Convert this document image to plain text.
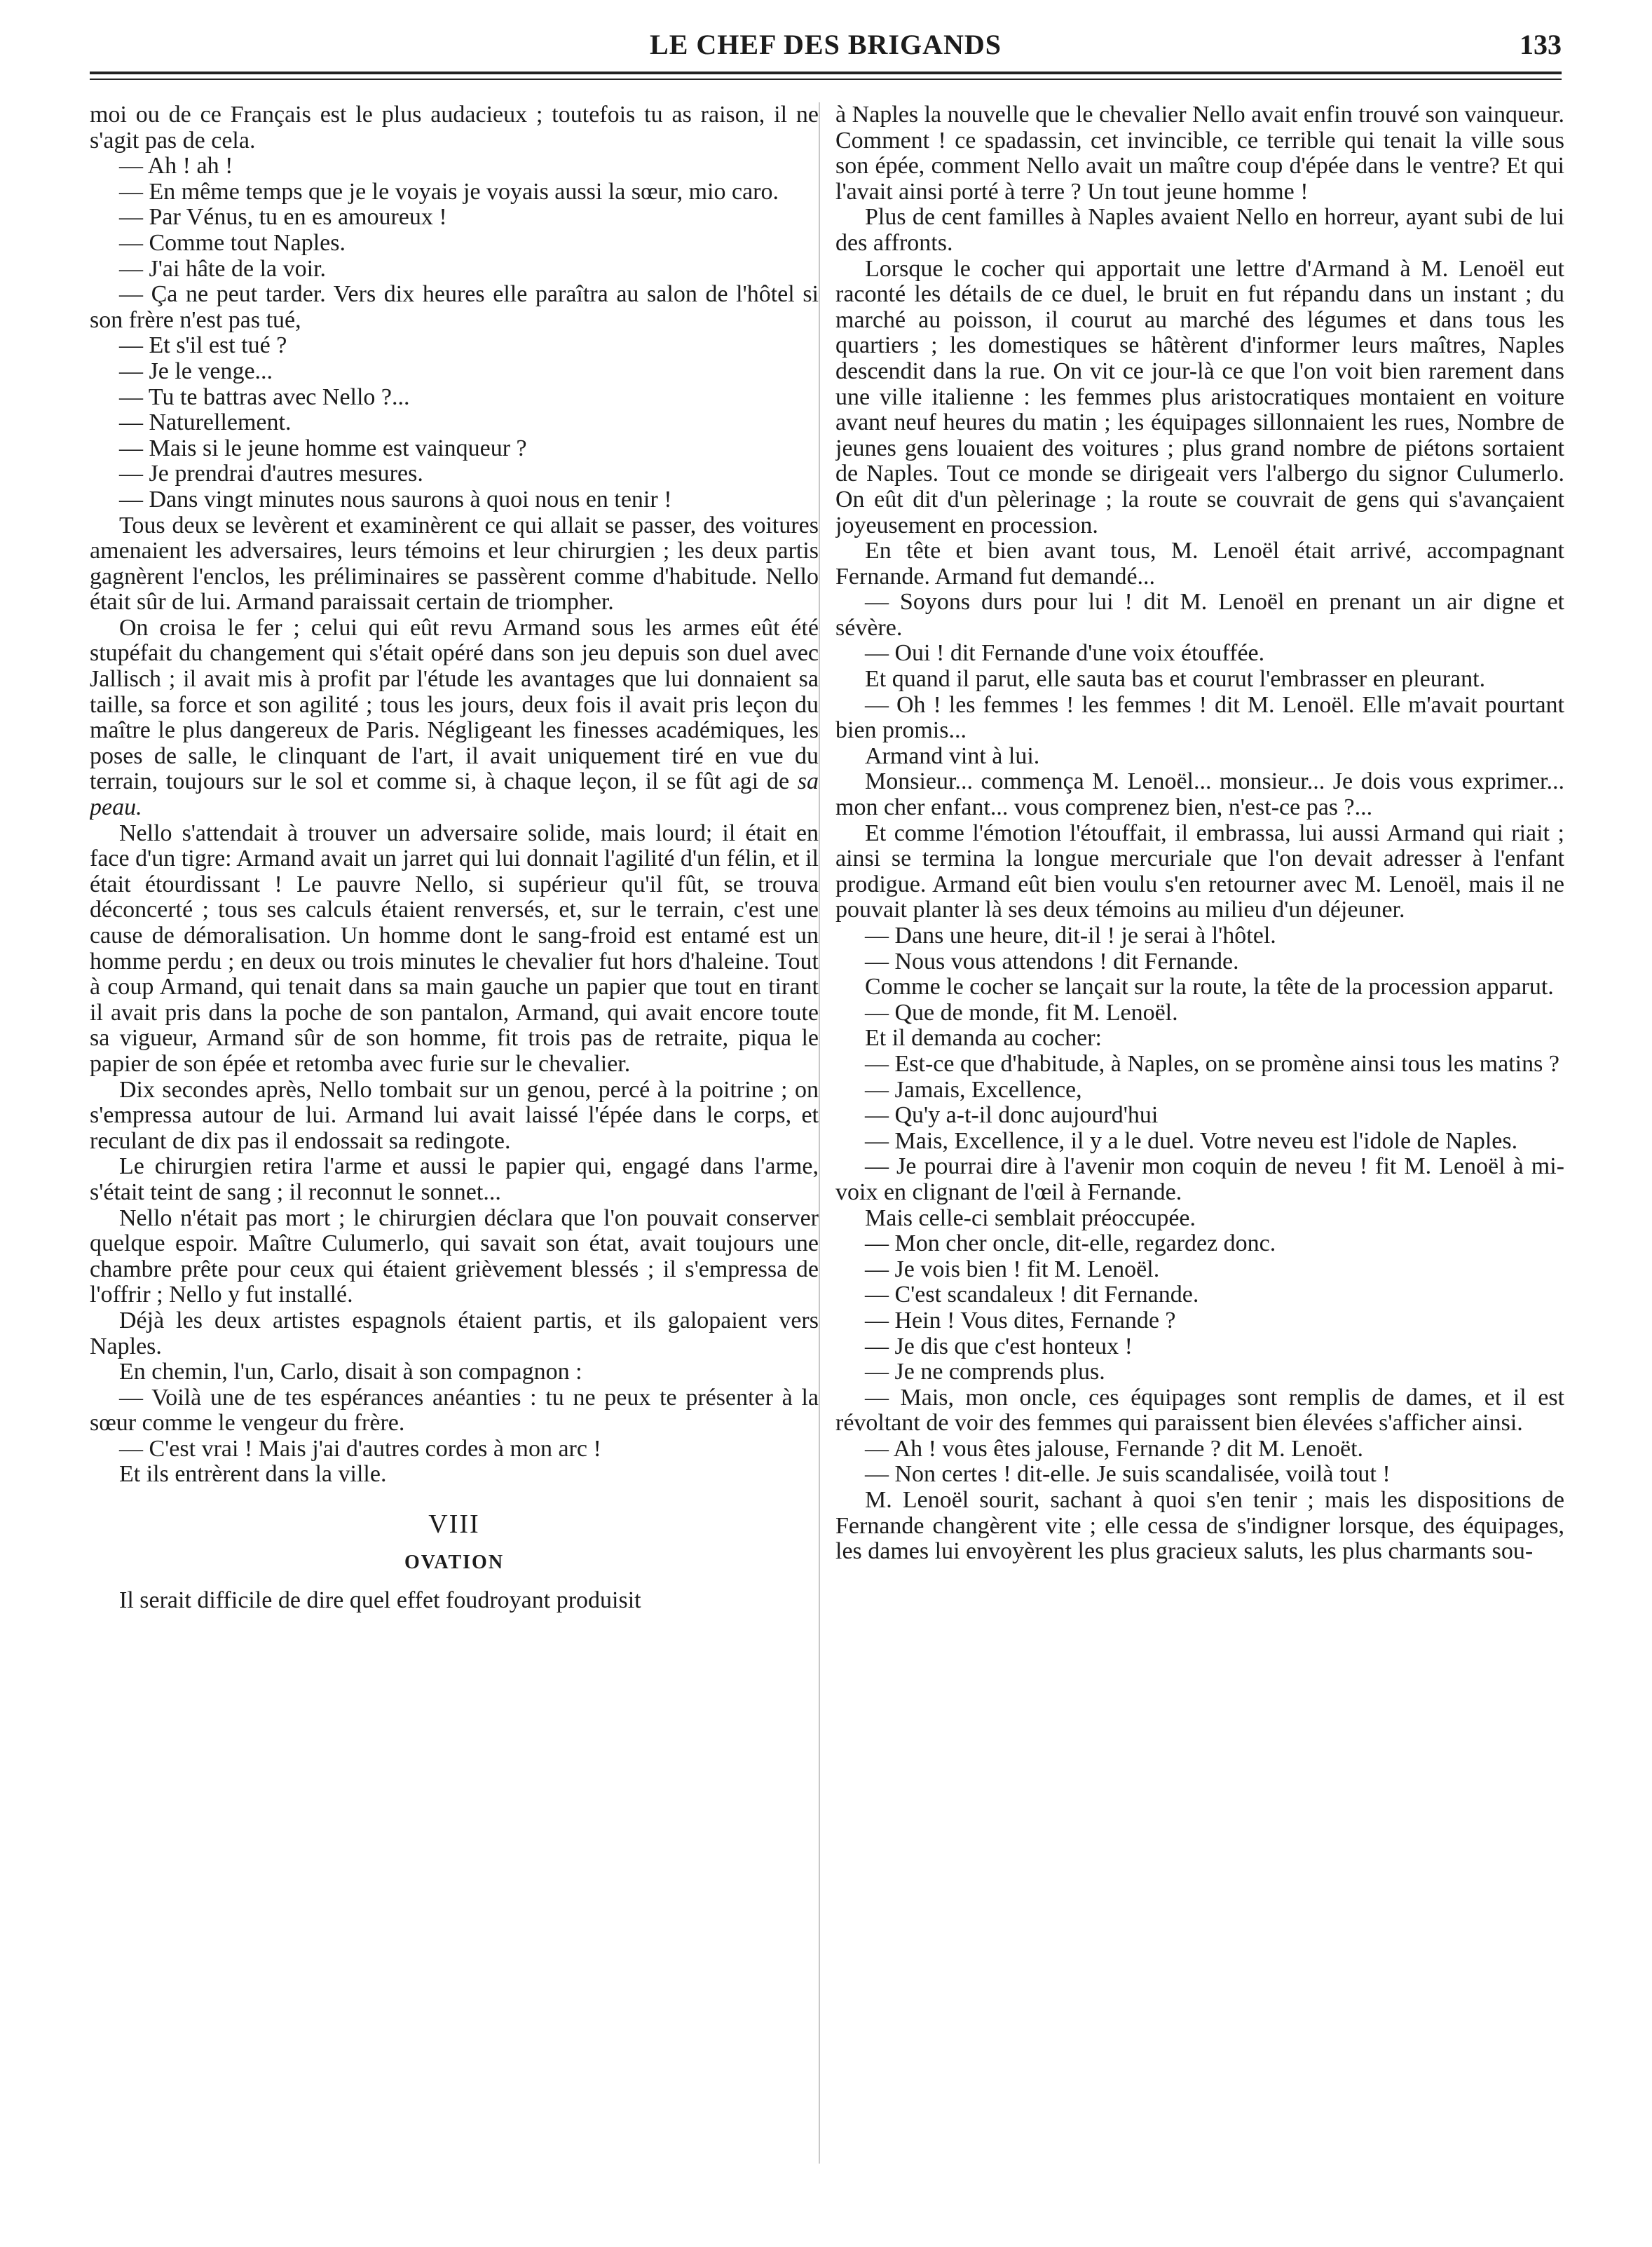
LE CHEF DES BRIGANDS	133

moi ou de ce Français est le plus audacieux ; toutefois tu as raison, il ne s'agit pas de cela.

— Ah ! ah !

— En même temps que je le voyais je voyais aussi la sœur, mio caro.

— Par Vénus, tu en es amoureux !

— Comme tout Naples.

— J'ai hâte de la voir.

— Ça ne peut tarder. Vers dix heures elle paraîtra au salon de l'hôtel si son frère n'est pas tué,

— Et s'il est tué ?

— Je le venge...

— Tu te battras avec Nello ?...

— Naturellement.

— Mais si le jeune homme est vainqueur ?

— Je prendrai d'autres mesures.

— Dans vingt minutes nous saurons à quoi nous en tenir !

Tous deux se levèrent et examinèrent ce qui allait se passer, des voitures amenaient les adversaires, leurs témoins et leur chirurgien ; les deux partis gagnèrent l'enclos, les préliminaires se passèrent comme d'habitude. Nello était sûr de lui. Armand paraissait certain de triompher.

On croisa le fer ; celui qui eût revu Armand sous les armes eût été stupéfait du changement qui s'était opéré dans son jeu depuis son duel avec Jallisch ; il avait mis à profit par l'étude les avantages que lui donnaient sa taille, sa force et son agilité ; tous les jours, deux fois il avait pris leçon du maître le plus dangereux de Paris. Négligeant les finesses académiques, les poses de salle, le clinquant de l'art, il avait uniquement tiré en vue du terrain, toujours sur le sol et comme si, à chaque leçon, il se fût agi de sa peau.

Nello s'attendait à trouver un adversaire solide, mais lourd; il était en face d'un tigre: Armand avait un jarret qui lui donnait l'agilité d'un félin, et il était étourdissant ! Le pauvre Nello, si supérieur qu'il fût, se trouva déconcerté ; tous ses calculs étaient renversés, et, sur le terrain, c'est une cause de démoralisation. Un homme dont le sang-froid est entamé est un homme perdu ; en deux ou trois minutes le chevalier fut hors d'haleine. Tout à coup Armand, qui tenait dans sa main gauche un papier que tout en tirant il avait pris dans la poche de son pantalon, Armand, qui avait encore toute sa vigueur, Armand sûr de son homme, fit trois pas de retraite, piqua le papier de son épée et retomba avec furie sur le chevalier.

Dix secondes après, Nello tombait sur un genou, percé à la poitrine ; on s'empressa autour de lui. Armand lui avait laissé l'épée dans le corps, et reculant de dix pas il endossait sa redingote.

Le chirurgien retira l'arme et aussi le papier qui, engagé dans l'arme, s'était teint de sang ; il reconnut le sonnet...

Nello n'était pas mort ; le chirurgien déclara que l'on pouvait conserver quelque espoir. Maître Culumerlo, qui savait son état, avait toujours une chambre prête pour ceux qui étaient grièvement blessés ; il s'empressa de l'offrir ; Nello y fut installé.

Déjà les deux artistes espagnols étaient partis, et ils galopaient vers Naples.

En chemin, l'un, Carlo, disait à son compagnon :

— Voilà une de tes espérances anéanties : tu ne peux te présenter à la sœur comme le vengeur du frère.

— C'est vrai ! Mais j'ai d'autres cordes à mon arc !

Et ils entrèrent dans la ville.

VIII

OVATION

Il serait difficile de dire quel effet foudroyant produisit

à Naples la nouvelle que le chevalier Nello avait enfin trouvé son vainqueur. Comment ! ce spadassin, cet invincible, ce terrible qui tenait la ville sous son épée, comment Nello avait un maître coup d'épée dans le ventre? Et qui l'avait ainsi porté à terre ? Un tout jeune homme !

Plus de cent familles à Naples avaient Nello en horreur, ayant subi de lui des affronts.

Lorsque le cocher qui apportait une lettre d'Armand à M. Lenoël eut raconté les détails de ce duel, le bruit en fut répandu dans un instant ; du marché au poisson, il courut au marché des légumes et dans tous les quartiers ; les domestiques se hâtèrent d'informer leurs maîtres, Naples descendit dans la rue. On vit ce jour-là ce que l'on voit bien rarement dans une ville italienne : les femmes plus aristocratiques montaient en voiture avant neuf heures du matin ; les équipages sillonnaient les rues, Nombre de jeunes gens louaient des voitures ; plus grand nombre de piétons sortaient de Naples. Tout ce monde se dirigeait vers l'albergo du signor Culumerlo. On eût dit d'un pèlerinage ; la route se couvrait de gens qui s'avançaient joyeusement en procession.

En tête et bien avant tous, M. Lenoël était arrivé, accompagnant Fernande. Armand fut demandé...

— Soyons durs pour lui ! dit M. Lenoël en prenant un air digne et sévère.

— Oui ! dit Fernande d'une voix étouffée.

Et quand il parut, elle sauta bas et courut l'embrasser en pleurant.

— Oh ! les femmes ! les femmes ! dit M. Lenoël. Elle m'avait pourtant bien promis...

Armand vint à lui.

Monsieur... commença M. Lenoël... monsieur... Je dois vous exprimer... mon cher enfant... vous comprenez bien, n'est-ce pas ?...

Et comme l'émotion l'étouffait, il embrassa, lui aussi Armand qui riait ; ainsi se termina la longue mercuriale que l'on devait adresser à l'enfant prodigue. Armand eût bien voulu s'en retourner avec M. Lenoël, mais il ne pouvait planter là ses deux témoins au milieu d'un déjeuner.

— Dans une heure, dit-il ! je serai à l'hôtel.

— Nous vous attendons ! dit Fernande.

Comme le cocher se lançait sur la route, la tête de la procession apparut.

— Que de monde, fit M. Lenoël.

Et il demanda au cocher:

— Est-ce que d'habitude, à Naples, on se promène ainsi tous les matins ?

— Jamais, Excellence,

— Qu'y a-t-il donc aujourd'hui

— Mais, Excellence, il y a le duel. Votre neveu est l'idole de Naples.

— Je pourrai dire à l'avenir mon coquin de neveu ! fit M. Lenoël à mi-voix en clignant de l'œil à Fernande.

Mais celle-ci semblait préoccupée.

— Mon cher oncle, dit-elle, regardez donc.

— Je vois bien ! fit M. Lenoël.

— C'est scandaleux ! dit Fernande.

— Hein ! Vous dites, Fernande ?

— Je dis que c'est honteux !

— Je ne comprends plus.

— Mais, mon oncle, ces équipages sont remplis de dames, et il est révoltant de voir des femmes qui paraissent bien élevées s'afficher ainsi.

— Ah ! vous êtes jalouse, Fernande ? dit M. Lenoët.

— Non certes ! dit-elle. Je suis scandalisée, voilà tout !

M. Lenoël sourit, sachant à quoi s'en tenir ; mais les dispositions de Fernande changèrent vite ; elle cessa de s'indigner lorsque, des équipages, les dames lui envoyèrent les plus gracieux saluts, les plus charmants sou-
